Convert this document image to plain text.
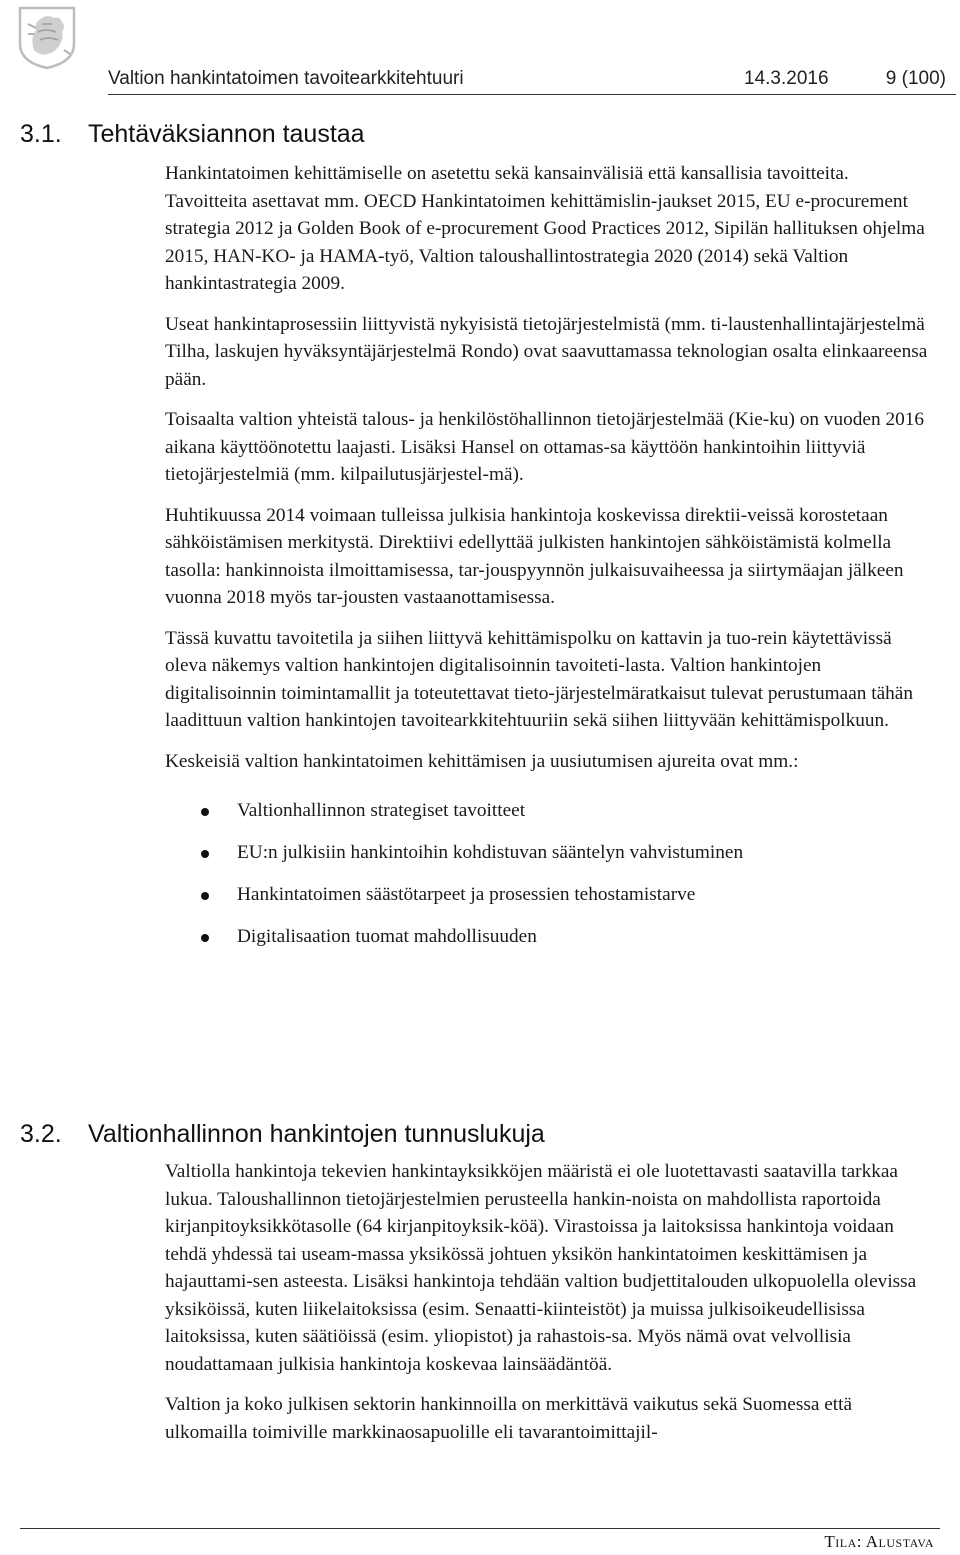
Valtion hankintatoimen tavoitearkkitehtuuri	14.3.2016	9 (100)
3.1. Tehtäväksiannon taustaa

Hankintatoimen kehittämiselle on asetettu sekä kansainvälisiä että kansallisia tavoitteita. Tavoitteita asettavat mm. OECD Hankintatoimen kehittämislin-jaukset 2015, EU e-procurement strategia 2012 ja Golden Book of e-procurement Good Practices 2012, Sipilän hallituksen ohjelma 2015, HAN-KO- ja HAMA-työ, Valtion taloushallintostrategia 2020 (2014) sekä Valtion hankintastrategia 2009.

Useat hankintaprosessiin liittyvistä nykyisistä tietojärjestelmistä (mm. ti-laustenhallintajärjestelmä Tilha, laskujen hyväksyntäjärjestelmä Rondo) ovat saavuttamassa teknologian osalta elinkaareensa pään.

Toisaalta valtion yhteistä talous- ja henkilöstöhallinnon tietojärjestelmää (Kie-ku) on vuoden 2016 aikana käyttöönotettu laajasti. Lisäksi Hansel on ottamas-sa käyttöön hankintoihin liittyviä tietojärjestelmiä (mm. kilpailutusjärjestel-mä).

Huhtikuussa 2014 voimaan tulleissa julkisia hankintoja koskevissa direktii-veissä korostetaan sähköistämisen merkitystä. Direktiivi edellyttää julkisten hankintojen sähköistämistä kolmella tasolla: hankinnoista ilmoittamisessa, tar-jouspyynnön julkaisuvaiheessa ja siirtymäajan jälkeen vuonna 2018 myös tar-jousten vastaanottamisessa.

Tässä kuvattu tavoitetila ja siihen liittyvä kehittämispolku on kattavin ja tuo-rein käytettävissä oleva näkemys valtion hankintojen digitalisoinnin tavoiteti-lasta. Valtion hankintojen digitalisoinnin toimintamallit ja toteutettavat tieto-järjestelmäratkaisut tulevat perustumaan tähän laadittuun valtion hankintojen tavoitearkkitehtuuriin sekä siihen liittyvään kehittämispolkuun.

Keskeisiä valtion hankintatoimen kehittämisen ja uusiutumisen ajureita ovat mm.:

Valtionhallinnon strategiset tavoitteet
EU:n julkisiin hankintoihin kohdistuvan sääntelyn vahvistuminen
Hankintatoimen säästötarpeet ja prosessien tehostamistarve
Digitalisaation tuomat mahdollisuuden
3.2. Valtionhallinnon hankintojen tunnuslukuja

Valtiolla hankintoja tekevien hankintayksikköjen määristä ei ole luotettavasti saatavilla tarkkaa lukua. Taloushallinnon tietojärjestelmien perusteella hankin-noista on mahdollista raportoida kirjanpitoyksikkötasolle (64 kirjanpitoyksik-köä). Virastoissa ja laitoksissa hankintoja voidaan tehdä yhdessä tai useam-massa yksikössä johtuen yksikön hankintatoimen keskittämisen ja hajauttami-sen asteesta. Lisäksi hankintoja tehdään valtion budjettitalouden ulkopuolella olevissa yksiköissä, kuten liikelaitoksissa (esim. Senaatti-kiinteistöt) ja muissa julkisoikeudellisissa laitoksissa, kuten säätiöissä (esim. yliopistot) ja rahastois-sa. Myös nämä ovat velvollisia noudattamaan julkisia hankintoja koskevaa lainsäädäntöä.

Valtion ja koko julkisen sektorin hankinnoilla on merkittävä vaikutus sekä Suomessa että ulkomailla toimiville markkinaosapuolille eli tavarantoimittajil-

Tila: Alustava
